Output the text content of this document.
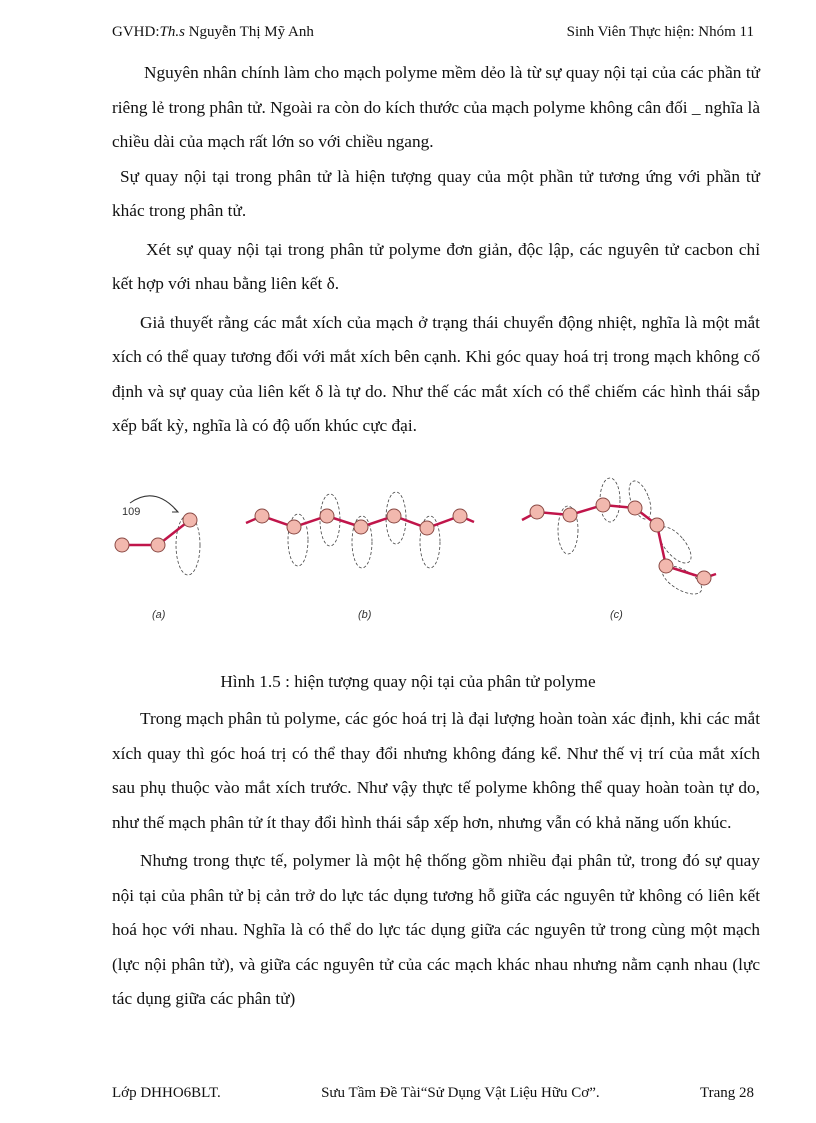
GVHD:Th.s Nguyễn Thị Mỹ Anh	Sinh Viên Thực hiện: Nhóm 11

Nguyên nhân chính làm cho mạch polyme mềm dẻo là từ sự quay nội tại của các phần tử riêng lẻ trong phân tử. Ngoài ra còn do kích thước của mạch polyme không cân đối _ nghĩa là chiều dài của mạch rất lớn so với chiều ngang.

Sự quay nội tại trong phân tử là hiện tượng quay của một phần tử tương ứng với phần tử khác trong phân tử.

Xét sự quay nội tại trong phân tử polyme đơn giản, độc lập, các nguyên tử cacbon chỉ kết hợp với nhau bằng liên kết δ.

Giả thuyết rằng các mắt xích của mạch ở trạng thái chuyển động nhiệt, nghĩa là một mắt xích có thể quay tương đối với mắt xích bên cạnh. Khi góc quay hoá trị trong mạch không cố định và sự quay của liên kết δ là tự do. Như thế các mắt xích có thể chiếm các hình thái sắp xếp bất kỳ, nghĩa là có độ uốn khúc cực đại.

109
(a)	(b)	(c)
Hình 1.5 : hiện tượng quay nội tại của phân tử polyme

Trong mạch phân tủ polyme, các góc hoá trị là đại lượng hoàn toàn xác định, khi các mắt xích quay thì góc hoá trị có thể thay đổi nhưng không đáng kể. Như thế vị trí của mắt xích sau phụ thuộc vào mắt xích trước. Như vậy thực tế polyme không thể quay hoàn toàn tự do, như thế mạch phân tử ít thay đổi hình thái sắp xếp hơn, nhưng vẫn có khả năng uốn khúc.

Nhưng trong thực tế, polymer là một hệ thống gồm nhiều đại phân tử, trong đó sự quay nội tại của phân tử bị cản trở do lực tác dụng tương hỗ giữa các nguyên tử không có liên kết hoá học với nhau. Nghĩa là có thể do lực tác dụng giữa các nguyên tử trong cùng một mạch (lực nội phân tử), và giữa các nguyên tử của các mạch khác nhau nhưng nằm cạnh nhau (lực tác dụng giữa các phân tử)

Lớp DHHO6BLT.	Sưu Tầm Đề Tài“Sử Dụng Vật Liệu Hữu Cơ”.	Trang 28
